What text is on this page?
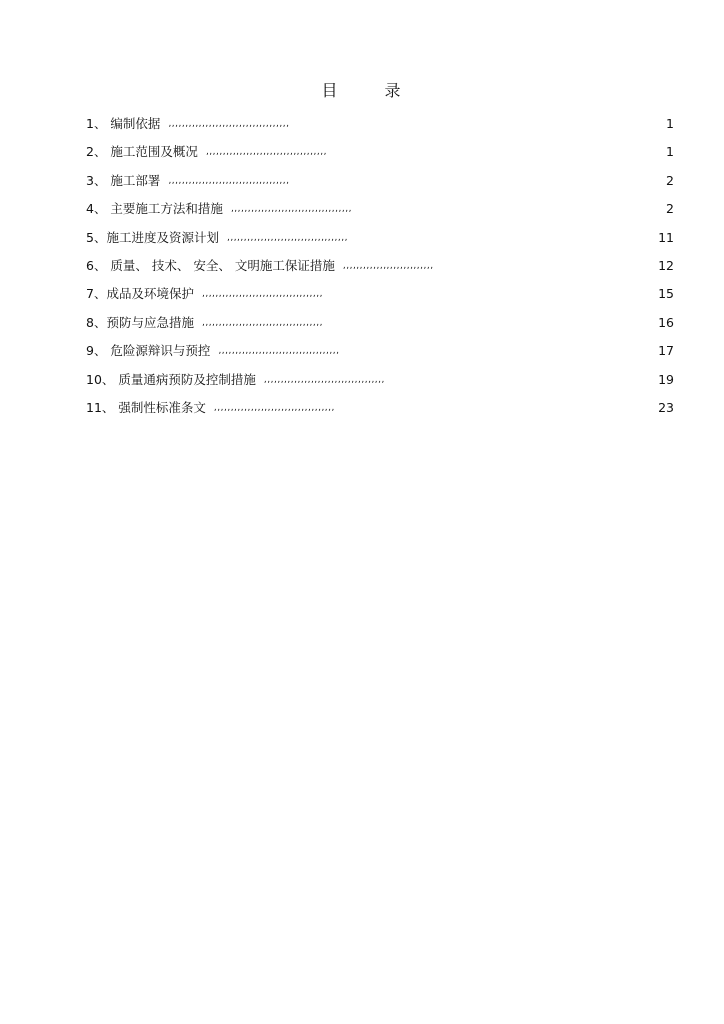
目	录
1、 编制依据 ,,,,,,,,,,,,,,,,,,,,,,,,,,,,,,,,,,,,	1
2、 施工范围及概况 ,,,,,,,,,,,,,,,,,,,,,,,,,,,,,,,,,,,,	1
3、 施工部署 ,,,,,,,,,,,,,,,,,,,,,,,,,,,,,,,,,,,,	2
4、 主要施工方法和措施 ,,,,,,,,,,,,,,,,,,,,,,,,,,,,,,,,,,,,	2
5、施工进度及资源计划 ,,,,,,,,,,,,,,,,,,,,,,,,,,,,,,,,,,,,	11
6、 质量、 技术、 安全、 文明施工保证措施 ,,,,,,,,,,,,,,,,,,,,,,,,,,,	12
7、成品及环境保护 ,,,,,,,,,,,,,,,,,,,,,,,,,,,,,,,,,,,,	15
8、预防与应急措施 ,,,,,,,,,,,,,,,,,,,,,,,,,,,,,,,,,,,,	16
9、 危险源辩识与预控 ,,,,,,,,,,,,,,,,,,,,,,,,,,,,,,,,,,,,	17
10、 质量通病预防及控制措施 ,,,,,,,,,,,,,,,,,,,,,,,,,,,,,,,,,,,,	19
11、 强制性标准条文 ,,,,,,,,,,,,,,,,,,,,,,,,,,,,,,,,,,,,	23
